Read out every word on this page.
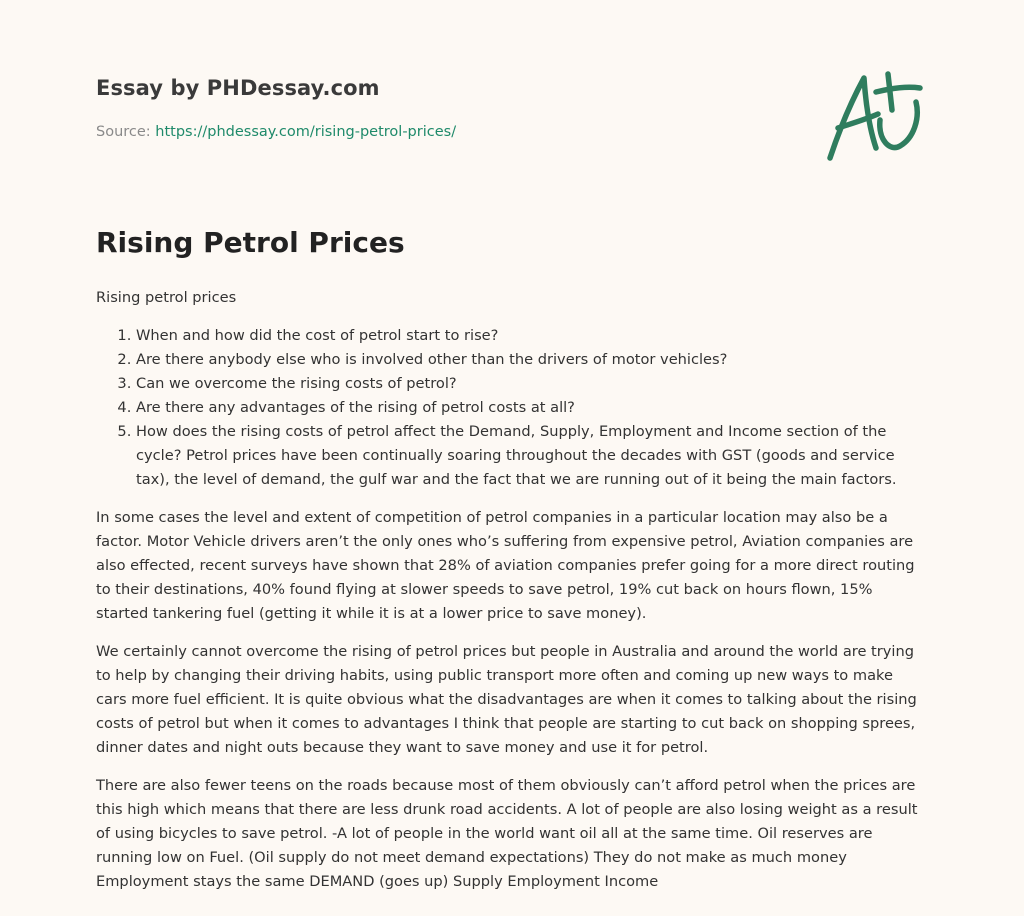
Essay by PHDessay.com
Source: https://phdessay.com/rising-petrol-prices/
Rising Petrol Prices

Rising petrol prices

1. When and how did the cost of petrol start to rise?
2. Are there anybody else who is involved other than the drivers of motor vehicles?
3. Can we overcome the rising costs of petrol?
4. Are there any advantages of the rising of petrol costs at all?
5. How does the rising costs of petrol affect the Demand, Supply, Employment and Income section of the cycle? Petrol prices have been continually soaring throughout the decades with GST (goods and service tax), the level of demand, the gulf war and the fact that we are running out of it being the main factors.

In some cases the level and extent of competition of petrol companies in a particular location may also be a factor. Motor Vehicle drivers aren’t the only ones who’s suffering from expensive petrol, Aviation companies are also effected, recent surveys have shown that 28% of aviation companies prefer going for a more direct routing to their destinations, 40% found flying at slower speeds to save petrol, 19% cut back on hours flown, 15% started tankering fuel (getting it while it is at a lower price to save money).

We certainly cannot overcome the rising of petrol prices but people in Australia and around the world are trying to help by changing their driving habits, using public transport more often and coming up new ways to make cars more fuel efficient. It is quite obvious what the disadvantages are when it comes to talking about the rising costs of petrol but when it comes to advantages I think that people are starting to cut back on shopping sprees, dinner dates and night outs because they want to save money and use it for petrol.

There are also fewer teens on the roads because most of them obviously can’t afford petrol when the prices are this high which means that there are less drunk road accidents. A lot of people are also losing weight as a result of using bicycles to save petrol. -A lot of people in the world want oil all at the same time. Oil reserves are running low on Fuel. (Oil supply do not meet demand expectations) They do not make as much money Employment stays the same DEMAND (goes up) Supply Employment Income
